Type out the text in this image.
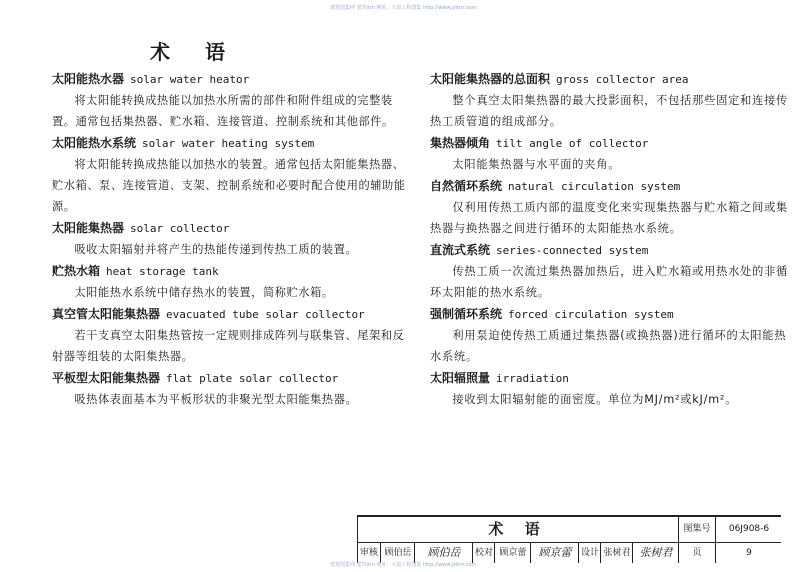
建筑图集网 建筑itm 网址：大量工程图集 http://www.jzitm.com
术 语
太阳能热水器 solar water heator
将太阳能转换成热能以加热水所需的部件和附件组成的完整装置。通常包括集热器、贮水箱、连接管道、控制系统和其他部件。
太阳能热水系统 solar water heating system
将太阳能转换成热能以加热水的装置。通常包括太阳能集热器、贮水箱、泵、连接管道、支架、控制系统和必要时配合使用的辅助能源。
太阳能集热器 solar collector
吸收太阳辐射并将产生的热能传递到传热工质的装置。
贮热水箱 heat storage tank
太阳能热水系统中储存热水的装置，简称贮水箱。
真空管太阳能集热器 evacuated tube solar collector
若干支真空太阳集热管按一定规则排成阵列与联集管、尾架和反射器等组装的太阳集热器。
平板型太阳能集热器 flat plate solar collector
吸热体表面基本为平板形状的非聚光型太阳能集热器。
太阳能集热器的总面积 gross collector area
整个真空太阳集热器的最大投影面积，不包括那些固定和连接传热工质管道的组成部分。
集热器倾角 tilt angle of collector
太阳能集热器与水平面的夹角。
自然循环系统 natural circulation system
仅利用传热工质内部的温度变化来实现集热器与贮水箱之间或集热器与换热器之间进行循环的太阳能热水系统。
直流式系统 series-connected system
传热工质一次流过集热器加热后，进入贮水箱或用热水处的非循环太阳能的热水系统。
强制循环系统 forced circulation system
利用泵迫使传热工质通过集热器(或换热器)进行循环的太阳能热水系统。
太阳辐照量 irradiation
接收到太阳辐射能的面密度。单位为MJ/m²或kJ/m²。
术 语	图集号	06J908-6
审核 顾伯岳	顾伯岳	校对 顾京蕾	顾京蕾	设计 张树君 张树君	页	9
建筑图集网 建筑itm 网址：大量工程图集 http://www.jzitm.com
